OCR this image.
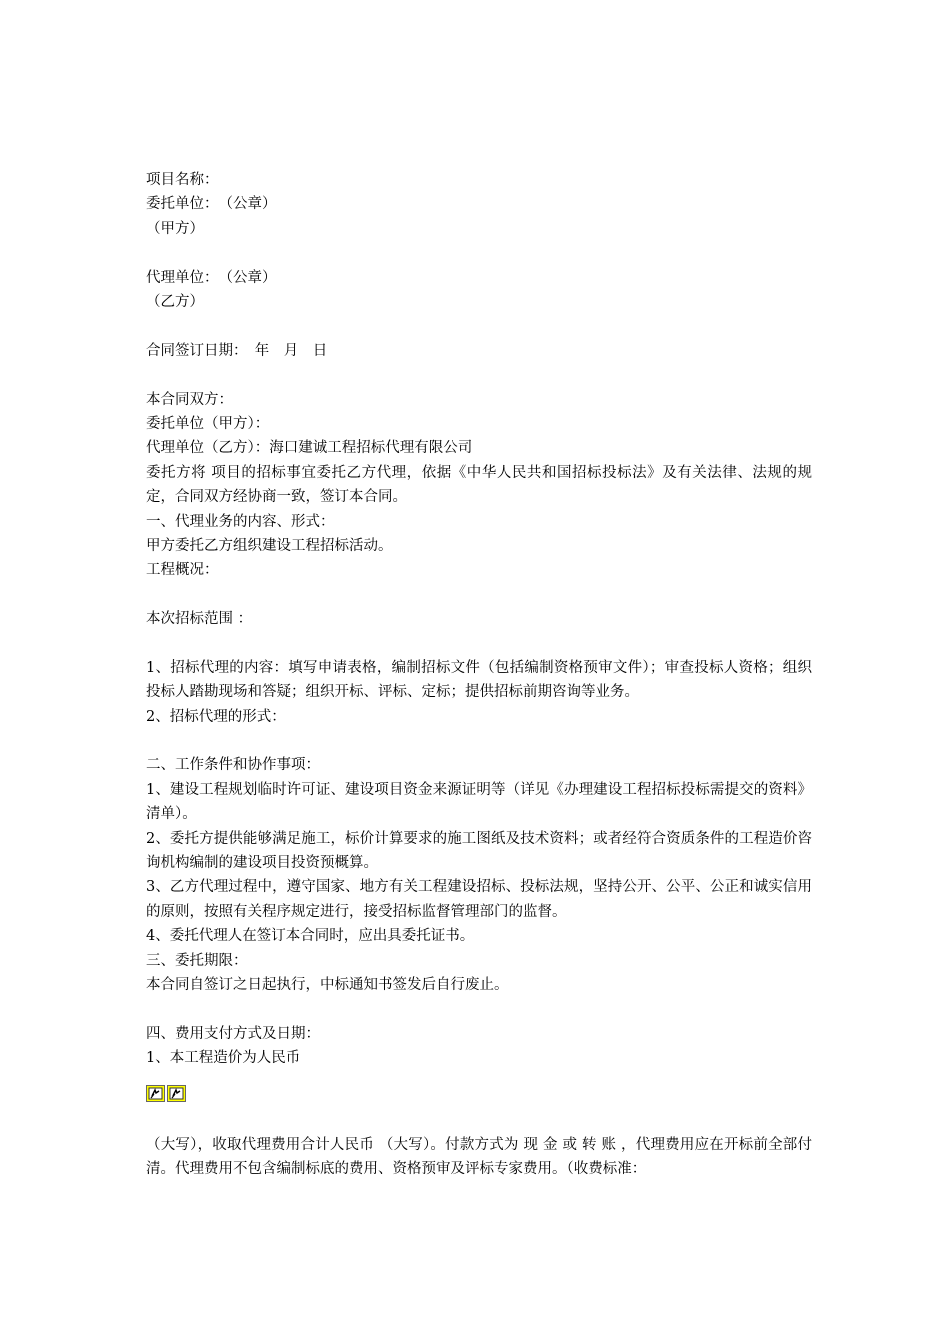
项目名称：
委托单位：　（公章）
（甲方）
代理单位：　（公章）
（乙方）
合同签订日期：　年　月　日
本合同双方：
委托单位（甲方）：
代理单位（乙方）：海口建诚工程招标代理有限公司
委托方将 项目的招标事宜委托乙方代理，依据《中华人民共和国招标投标法》及有关法律、法规的规定，合同双方经协商一致，签订本合同。
一、代理业务的内容、形式：
甲方委托乙方组织建设工程招标活动。
工程概况：
本次招标范围 ：
1、招标代理的内容：填写申请表格，编制招标文件（包括编制资格预审文件）；审查投标人资格；组织投标人踏勘现场和答疑；组织开标、评标、定标；提供招标前期咨询等业务。
2、招标代理的形式：
二、工作条件和协作事项：
1、建设工程规划临时许可证、建设项目资金来源证明等（详见《办理建设工程招标投标需提交的资料》清单）。
2、委托方提供能够满足施工，标价计算要求的施工图纸及技术资料；或者经符合资质条件的工程造价咨询机构编制的建设项目投资预概算。
3、乙方代理过程中，遵守国家、地方有关工程建设招标、投标法规，坚持公开、公平、公正和诚实信用的原则，按照有关程序规定进行，接受招标监督管理部门的监督。
4、委托代理人在签订本合同时，应出具委托证书。
三、委托期限：
本合同自签订之日起执行，中标通知书签发后自行废止。
四、费用支付方式及日期：
1、本工程造价为人民币
（大写），收取代理费用合计人民币 （大写）。付款方式为 现 金 或 转 账 ，代理费用应在开标前全部付清。代理费用不包含编制标底的费用、资格预审及评标专家费用。（收费标准：
